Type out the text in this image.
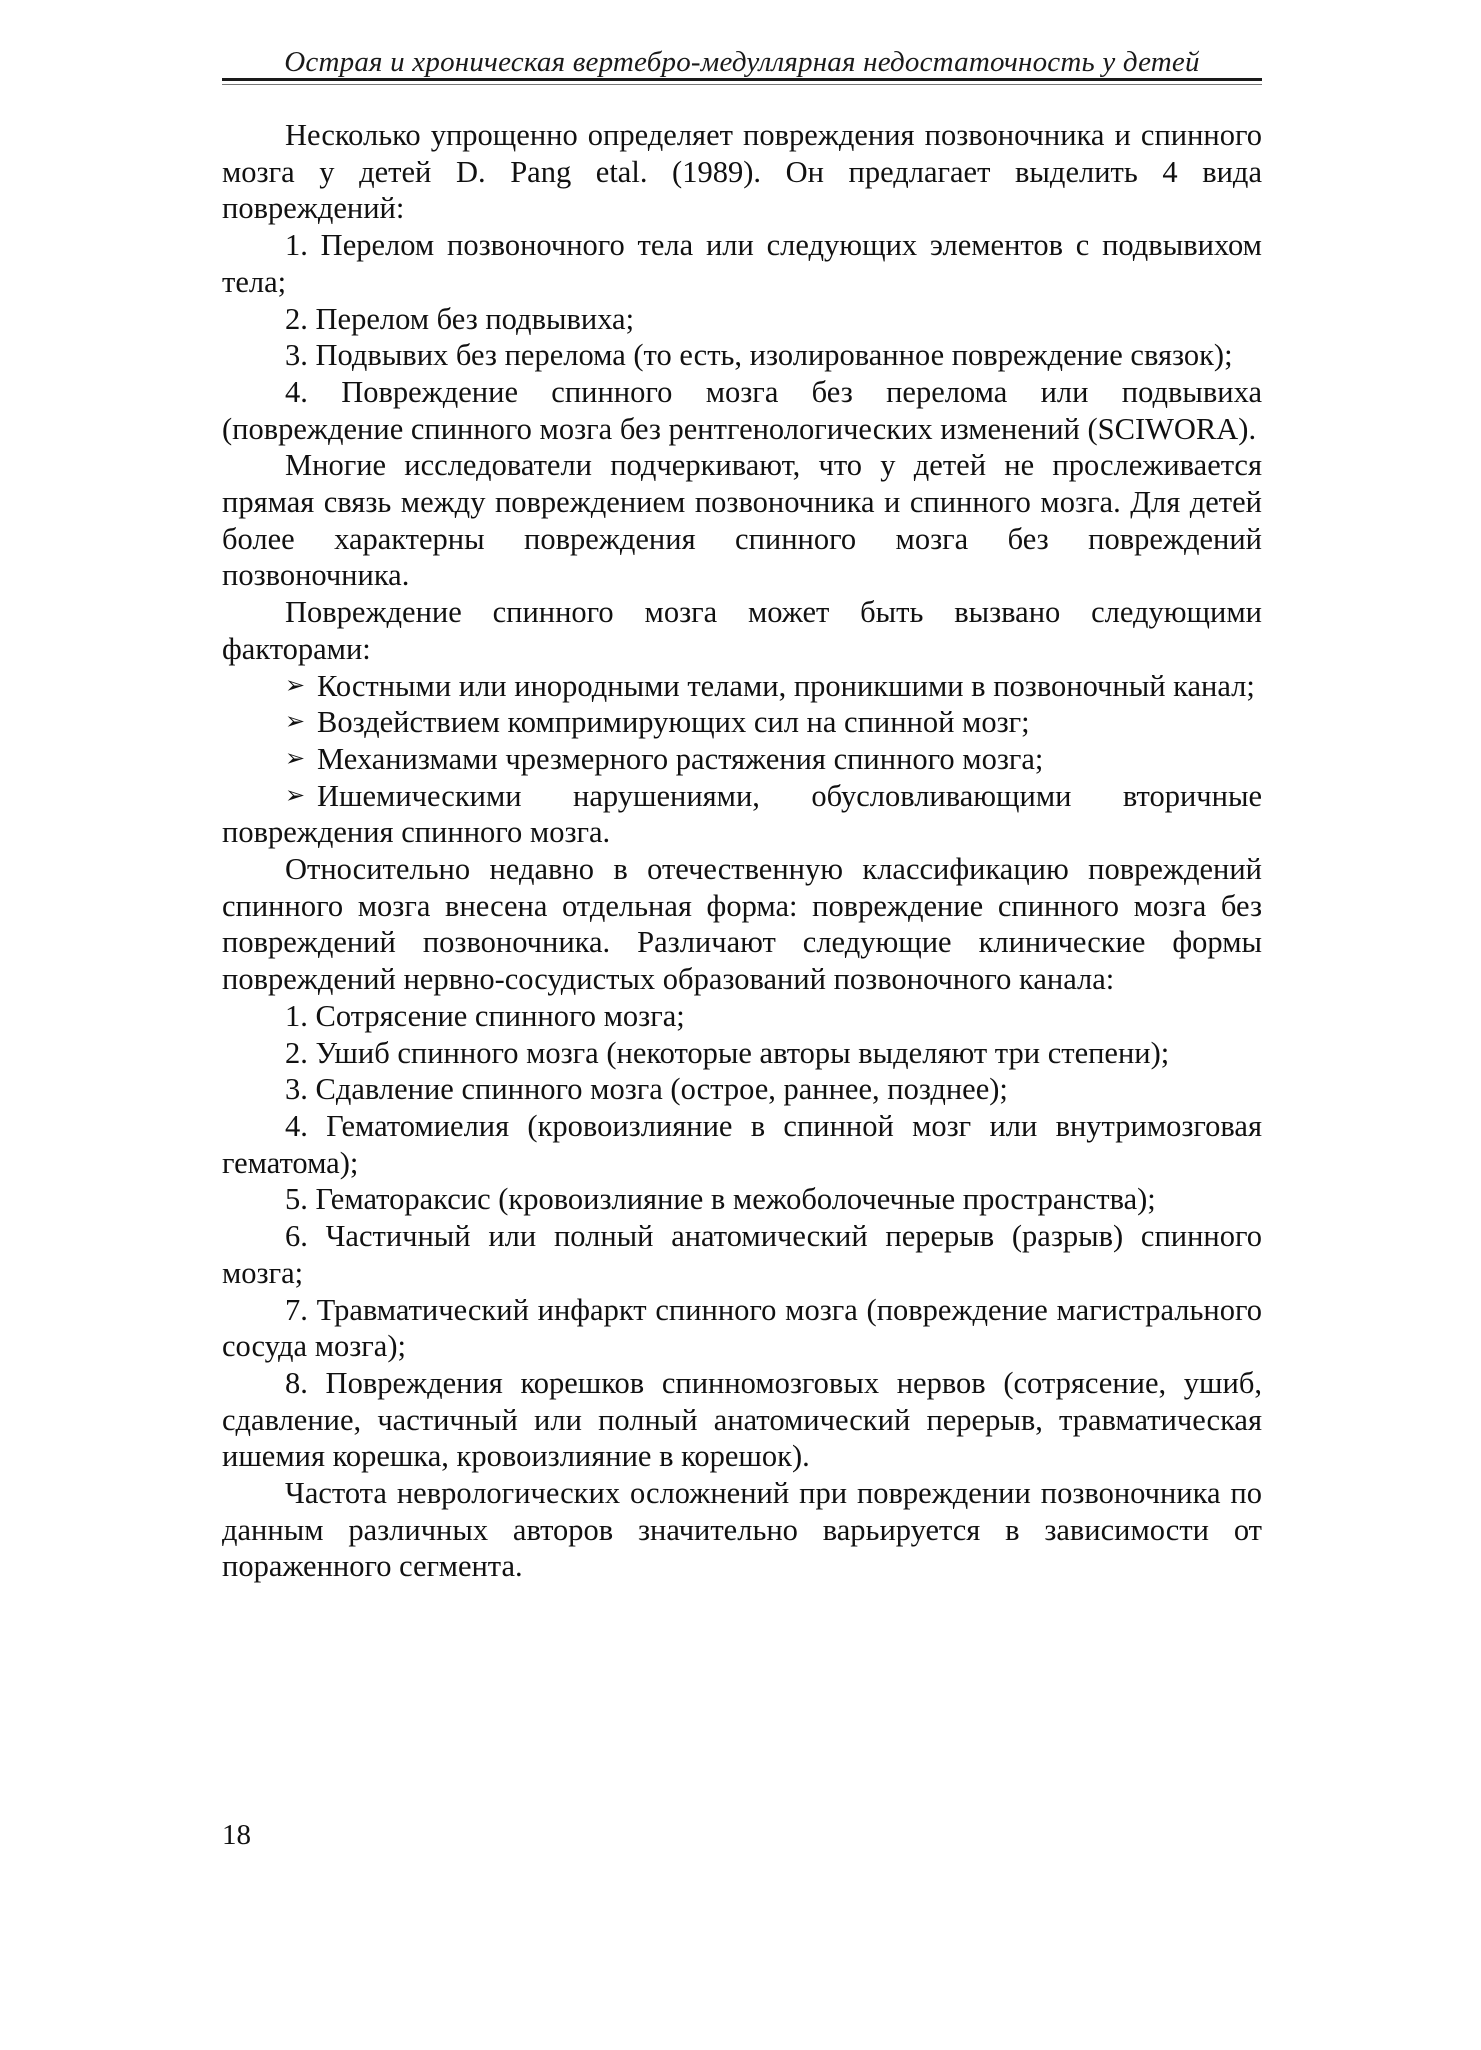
Острая и хроническая вертебро-медуллярная недостаточность у детей

Несколько упрощенно определяет повреждения позвоночника и спинного мозга у детей D. Pang etal. (1989). Он предлагает выделить 4 вида повреждений:

1. Перелом позвоночного тела или следующих элементов с подвывихом тела;

2. Перелом без подвывиха;

3. Подвывих без перелома (то есть, изолированное повреждение связок);

4. Повреждение спинного мозга без перелома или подвывиха (повреждение спинного мозга без рентгенологических изменений (SCIWORA).

Многие исследователи подчеркивают, что у детей не прослеживается прямая связь между повреждением позвоночника и спинного мозга. Для детей более характерны повреждения спинного мозга без повреждений позвоночника.

Повреждение спинного мозга может быть вызвано следующими факторами:

➢ Костными или инородными телами, проникшими в позвоночный канал;

➢ Воздействием компримирующих сил на спинной мозг;

➢ Механизмами чрезмерного растяжения спинного мозга;

➢ Ишемическими нарушениями, обусловливающими вторичные повреждения спинного мозга.

Относительно недавно в отечественную классификацию повреждений спинного мозга внесена отдельная форма: повреждение спинного мозга без повреждений позвоночника. Различают следующие клинические формы повреждений нервно-сосудистых образований позвоночного канала:

1. Сотрясение спинного мозга;

2. Ушиб спинного мозга (некоторые авторы выделяют три степени);

3. Сдавление спинного мозга (острое, раннее, позднее);

4. Гематомиелия (кровоизлияние в спинной мозг или внутримозговая гематома);

5. Гематораксис (кровоизлияние в межоболочечные пространства);

6. Частичный или полный анатомический перерыв (разрыв) спинного мозга;

7. Травматический инфаркт спинного мозга (повреждение магистрального сосуда мозга);

8. Повреждения корешков спинномозговых нервов (сотрясение, ушиб, сдавление, частичный или полный анатомический перерыв, травматическая ишемия корешка, кровоизлияние в корешок).

Частота неврологических осложнений при повреждении позвоночника по данным различных авторов значительно варьируется в зависимости от пораженного сегмента.

18
